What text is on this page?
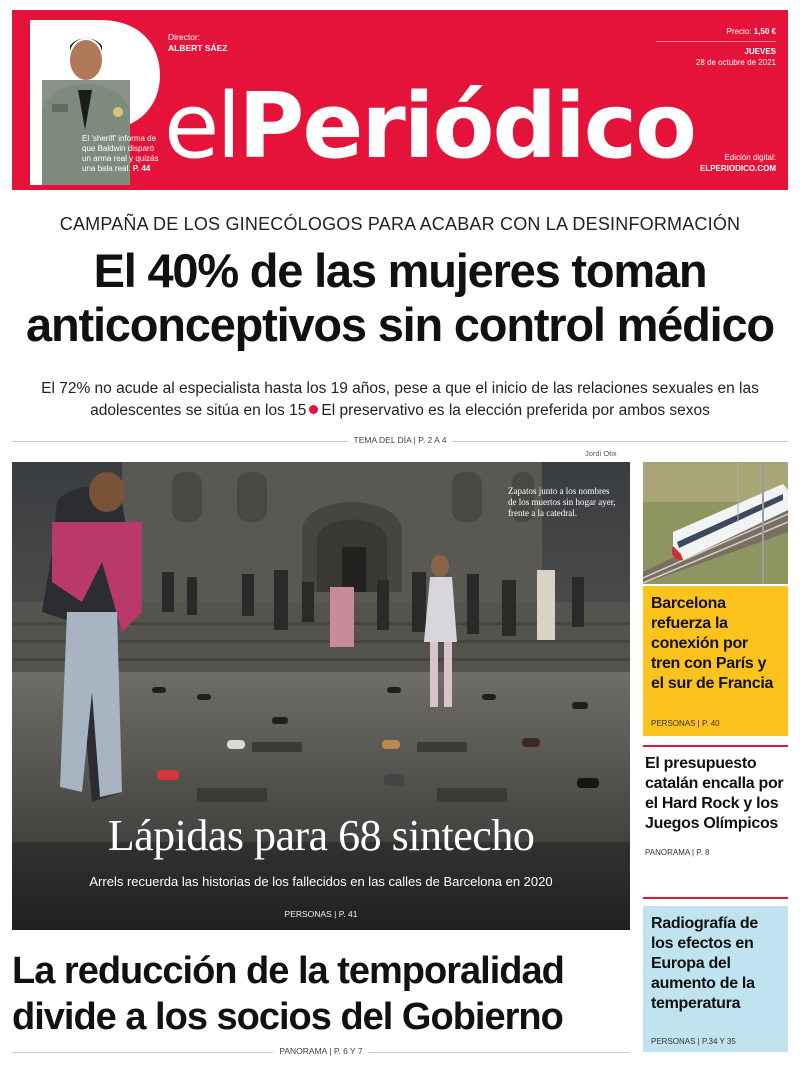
El 'sheriff' informa de que Baldwin disparó un arma real y quizás una bala real. P. 44
Director:
ALBERT SÁEZ
elPeriódico
Precio: 1,50 €
JUEVES
28 de octubre de 2021
Edición digital:
ELPERIODICO.COM
CAMPAÑA DE LOS GINECÓLOGOS PARA ACABAR CON LA DESINFORMACIÓN
El 40% de las mujeres toman
anticonceptivos sin control médico
El 72% no acude al especialista hasta los 19 años, pese a que el inicio de las relaciones sexuales en las
adolescentes se sitúa en los 15 El preservativo es la elección preferida por ambos sexos
TEMA DEL DÍA | P. 2 A 4
Jordi Otix
Zapatos junto a los nombres de los muertos sin hogar ayer, frente a la catedral.
Lápidas para 68 sintecho
Arrels recuerda las historias de los fallecidos en las calles de Barcelona en 2020
PERSONAS | P. 41
La reducción de la temporalidad
divide a los socios del Gobierno
PANORAMA | P. 6 Y 7
Barcelona refuerza la conexión por tren con París y el sur de Francia
PERSONAS | P. 40
El presupuesto catalán encalla por el Hard Rock y los Juegos Olímpicos
PANORAMA | P. 8
Radiografía de los efectos en Europa del aumento de la temperatura
PERSONAS | P.34 Y 35
